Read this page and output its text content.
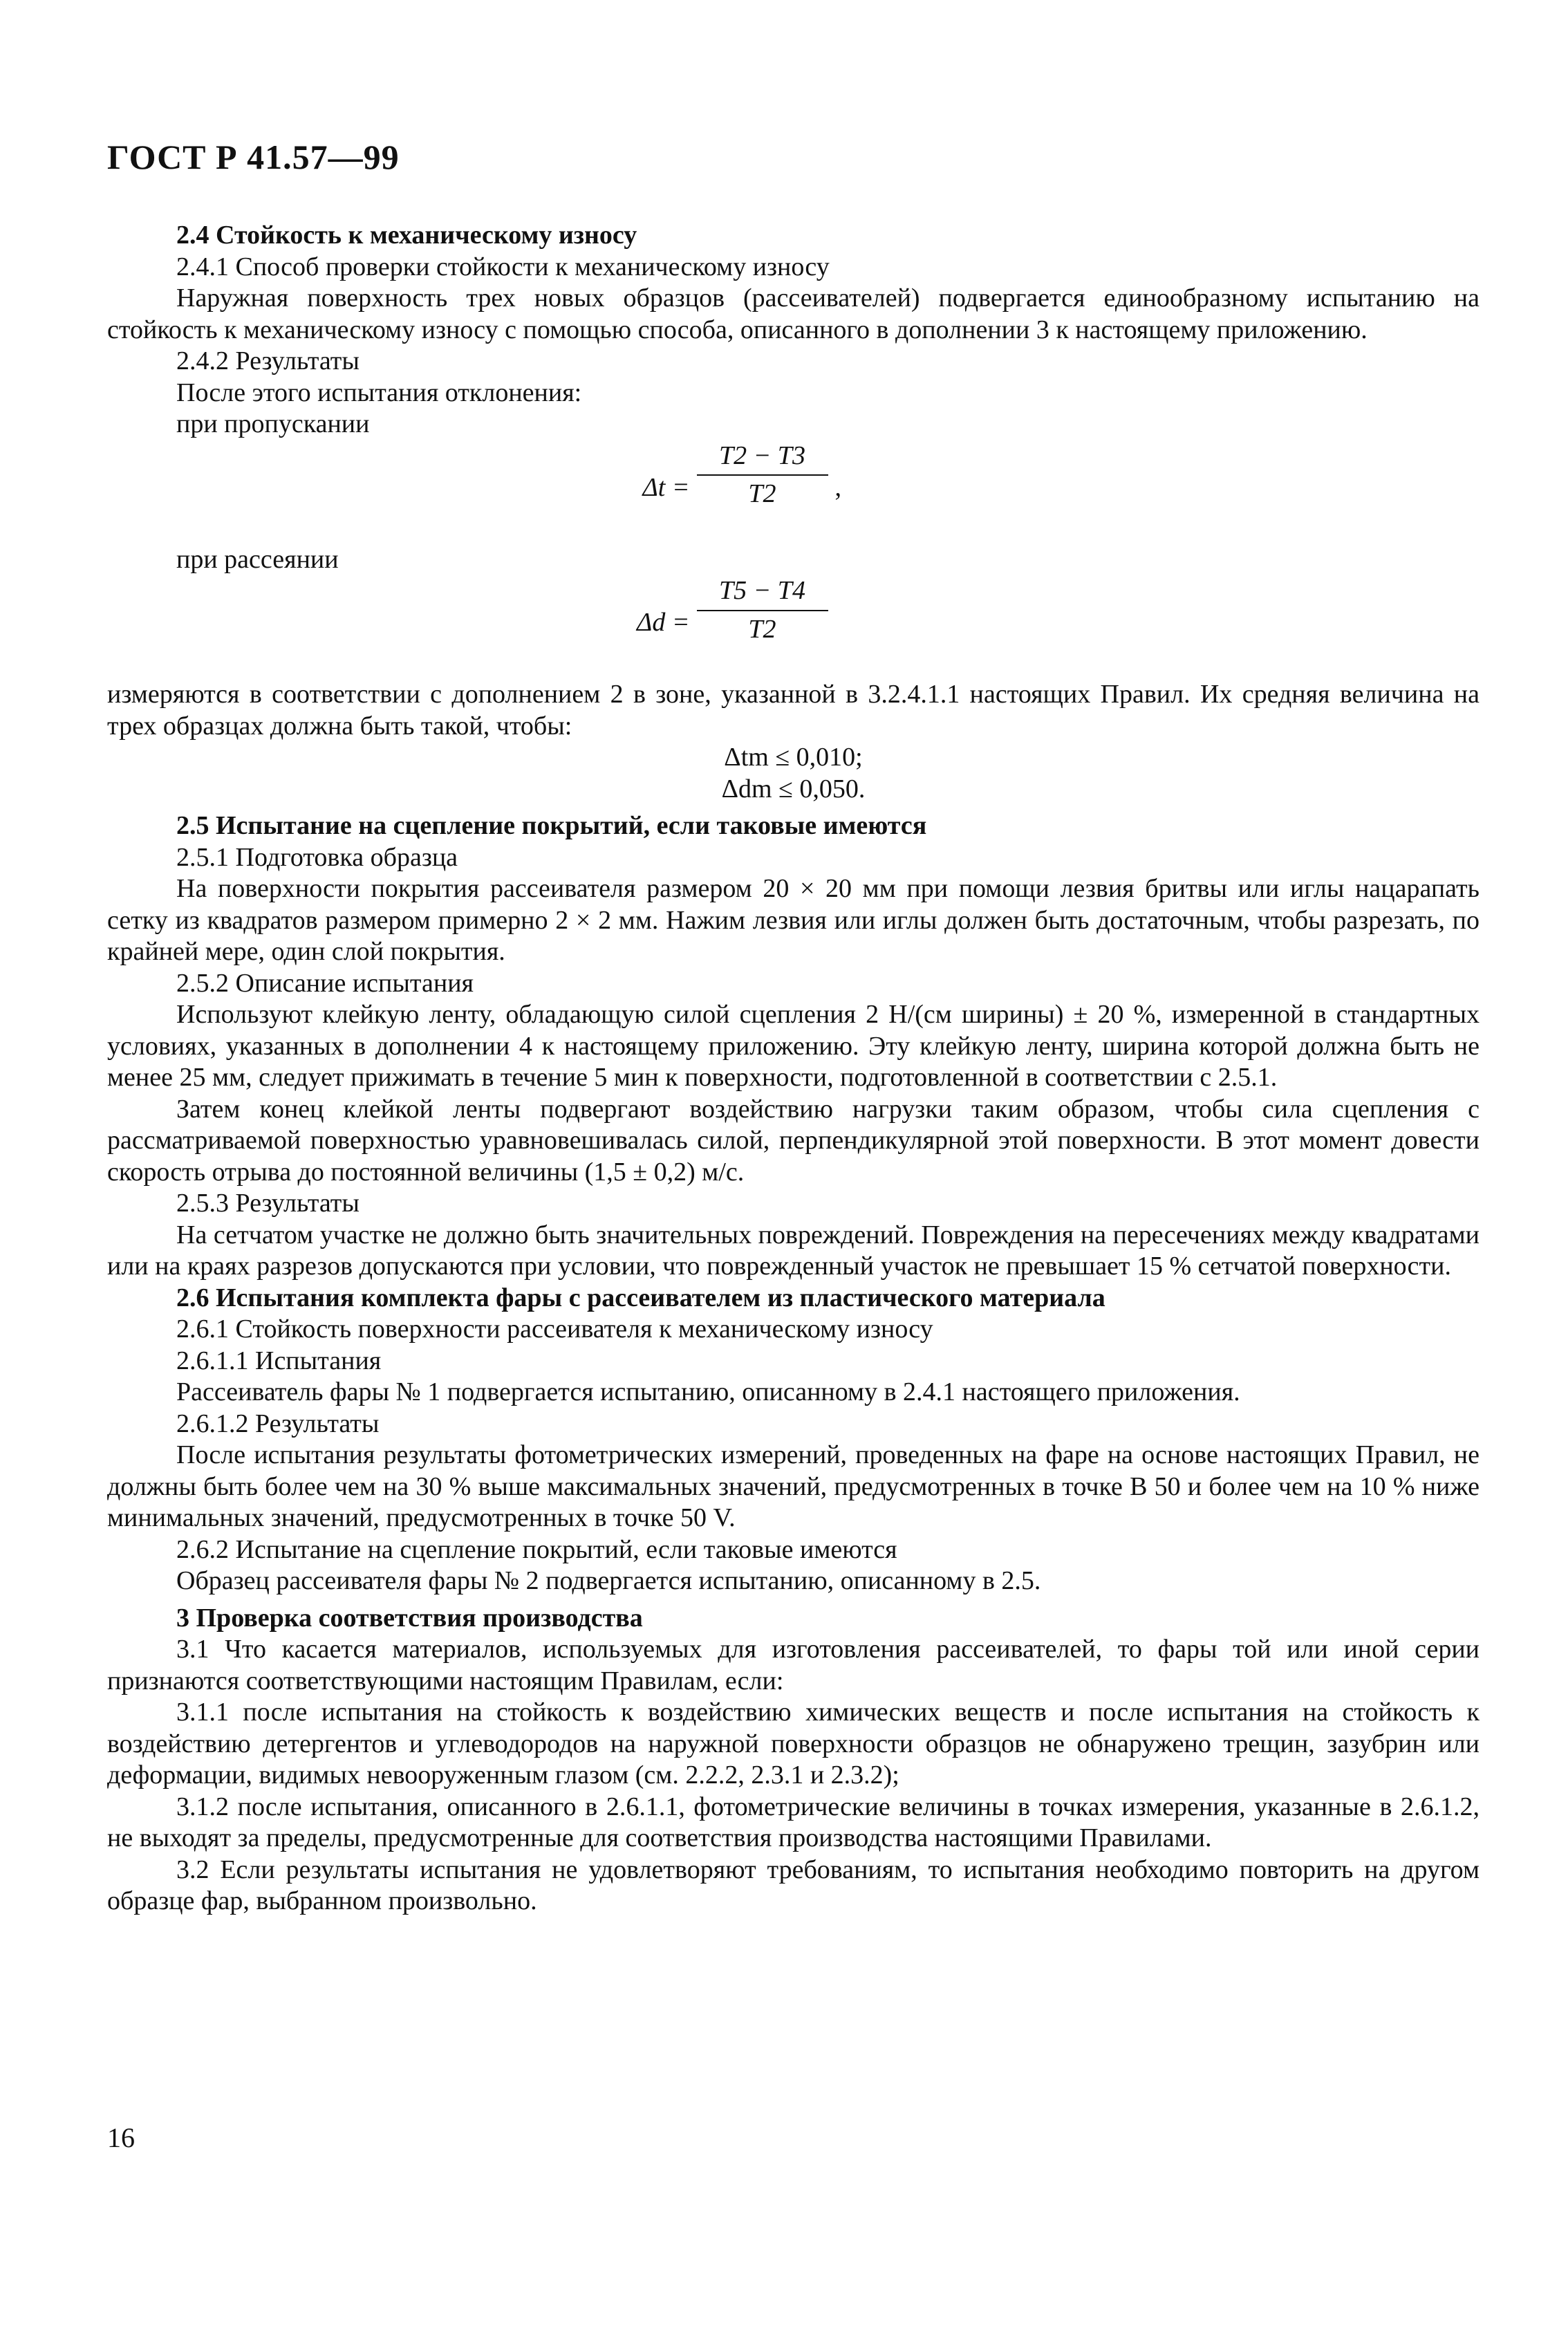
ГОСТ Р 41.57—99

2.4 Стойкость к механическому износу

2.4.1 Способ проверки стойкости к механическому износу

Наружная поверхность трех новых образцов (рассеивателей) подвергается единообразному испытанию на стойкость к механическому износу с помощью способа, описанного в дополнении 3 к настоящему приложению.

2.4.2 Результаты

После этого испытания отклонения:

при пропускании

$\Delta t = \frac{T2 - T3}{T2}$ ,

при рассеянии

$\Delta d = \frac{T5 - T4}{T2}$

измеряются в соответствии с дополнением 2 в зоне, указанной в 3.2.4.1.1 настоящих Правил. Их средняя величина на трех образцах должна быть такой, чтобы:

Δtm ≤ 0,010;
Δdm ≤ 0,050.

2.5 Испытание на сцепление покрытий, если таковые имеются

2.5.1 Подготовка образца

На поверхности покрытия рассеивателя размером 20 × 20 мм при помощи лезвия бритвы или иглы нацарапать сетку из квадратов размером примерно 2 × 2 мм. Нажим лезвия или иглы должен быть достаточным, чтобы разрезать, по крайней мере, один слой покрытия.

2.5.2 Описание испытания

Используют клейкую ленту, обладающую силой сцепления 2 Н/(см ширины) ± 20 %, измеренной в стандартных условиях, указанных в дополнении 4 к настоящему приложению. Эту клейкую ленту, ширина которой должна быть не менее 25 мм, следует прижимать в течение 5 мин к поверхности, подготовленной в соответствии с 2.5.1.

Затем конец клейкой ленты подвергают воздействию нагрузки таким образом, чтобы сила сцепления с рассматриваемой поверхностью уравновешивалась силой, перпендикулярной этой поверхности. В этот момент довести скорость отрыва до постоянной величины (1,5 ± 0,2) м/с.

2.5.3 Результаты

На сетчатом участке не должно быть значительных повреждений. Повреждения на пересечениях между квадратами или на краях разрезов допускаются при условии, что поврежденный участок не превышает 15 % сетчатой поверхности.

2.6 Испытания комплекта фары с рассеивателем из пластического материала

2.6.1 Стойкость поверхности рассеивателя к механическому износу

2.6.1.1 Испытания

Рассеиватель фары № 1 подвергается испытанию, описанному в 2.4.1 настоящего приложения.

2.6.1.2 Результаты

После испытания результаты фотометрических измерений, проведенных на фаре на основе настоящих Правил, не должны быть более чем на 30 % выше максимальных значений, предусмотренных в точке B 50 и более чем на 10 % ниже минимальных значений, предусмотренных в точке 50 V.

2.6.2 Испытание на сцепление покрытий, если таковые имеются

Образец рассеивателя фары № 2 подвергается испытанию, описанному в 2.5.

3 Проверка соответствия производства

3.1 Что касается материалов, используемых для изготовления рассеивателей, то фары той или иной серии признаются соответствующими настоящим Правилам, если:

3.1.1 после испытания на стойкость к воздействию химических веществ и после испытания на стойкость к воздействию детергентов и углеводородов на наружной поверхности образцов не обнаружено трещин, зазубрин или деформации, видимых невооруженным глазом (см. 2.2.2, 2.3.1 и 2.3.2);

3.1.2 после испытания, описанного в 2.6.1.1, фотометрические величины в точках измерения, указанные в 2.6.1.2, не выходят за пределы, предусмотренные для соответствия производства настоящими Правилами.

3.2 Если результаты испытания не удовлетворяют требованиям, то испытания необходимо повторить на другом образце фар, выбранном произвольно.

16
